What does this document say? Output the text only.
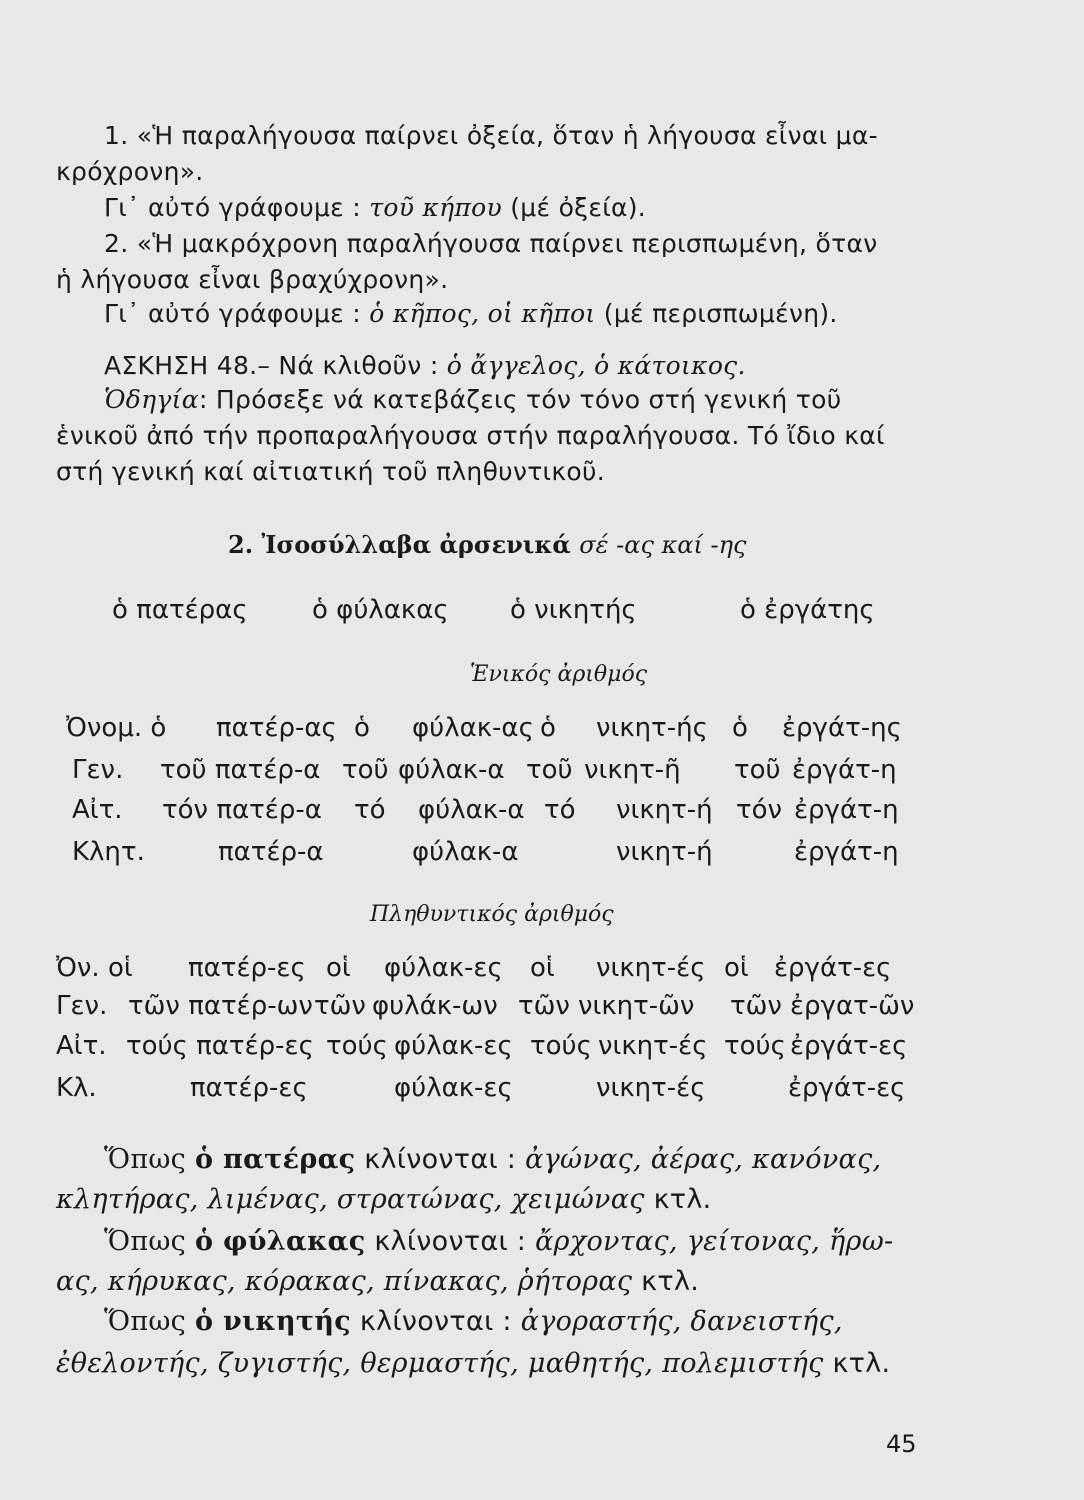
1. «Ἡ παραλήγουσα παίρνει ὀξεία, ὅταν ἡ λήγουσα εἶναι μα-
κρόχρονη».
Γι᾿ αὐτό γράφουμε : τοῦ κήπου (μέ ὀξεία).
2. «Ἡ μακρόχρονη παραλήγουσα παίρνει περισπωμένη, ὅταν
ἡ λήγουσα εἶναι βραχύχρονη».
Γι᾿ αὐτό γράφουμε : ὁ κῆπος, οἱ κῆποι (μέ περισπωμένη).
ΑΣΚΗΣΗ 48.– Νά κλιθοῦν : ὁ ἄγγελος, ὁ κάτοικος.
Ὁδηγία: Πρόσεξε νά κατεβάζεις τόν τόνο στή γενική τοῦ
ἑνικοῦ ἀπό τήν προπαραλήγουσα στήν παραλήγουσα. Τό ἴδιο καί
στή γενική καί αἰτιατική τοῦ πληθυντικοῦ.
2. Ἰσοσύλλαβα ἀρσενικά σέ -ας καί -ης
ὁ πατέρας ὁ φύλακας ὁ νικητής	ὁ ἐργάτης
Ἑνικός ἀριθμός
Ὀνομ. ὁ πατέρ-ας ὁ φύλακ-ας ὁ νικητ-ής ὁ ἐργάτ-ης
Γεν. τοῦ πατέρ-α τοῦ φύλακ-α τοῦ νικητ-ῆ τοῦ ἐργάτ-η
Αἰτ. τόν πατέρ-α τό φύλακ-α τό νικητ-ή τόν ἐργάτ-η
Κλητ.	πατέρ-α	φύλακ-α	νικητ-ή	ἐργάτ-η
Πληθυντικός ἀριθμός
Ὀν. οἱ πατέρ-ες οἱ φύλακ-ες οἱ νικητ-ές οἱ ἐργάτ-ες
Γεν. τῶν πατέρ-ων τῶν φυλάκ-ων τῶν νικητ-ῶν τῶν ἐργατ-ῶν
Αἰτ. τούς πατέρ-ες τούς φύλακ-ες τούς νικητ-ές τούς ἐργάτ-ες
Κλ.	πατέρ-ες	φύλακ-ες	νικητ-ές	ἐργάτ-ες
Ὅπως ὁ πατέρας κλίνονται : ἀγώνας, ἀέρας, κανόνας,
κλητήρας, λιμένας, στρατώνας, χειμώνας κτλ.
Ὅπως ὁ φύλακας κλίνονται : ἄρχοντας, γείτονας, ἥρω-
ας, κήρυκας, κόρακας, πίνακας, ῥήτορας κτλ.
Ὅπως ὁ νικητής κλίνονται : ἀγοραστής, δανειστής,
ἐθελοντής, ζυγιστής, θερμαστής, μαθητής, πολεμιστής κτλ.
45
